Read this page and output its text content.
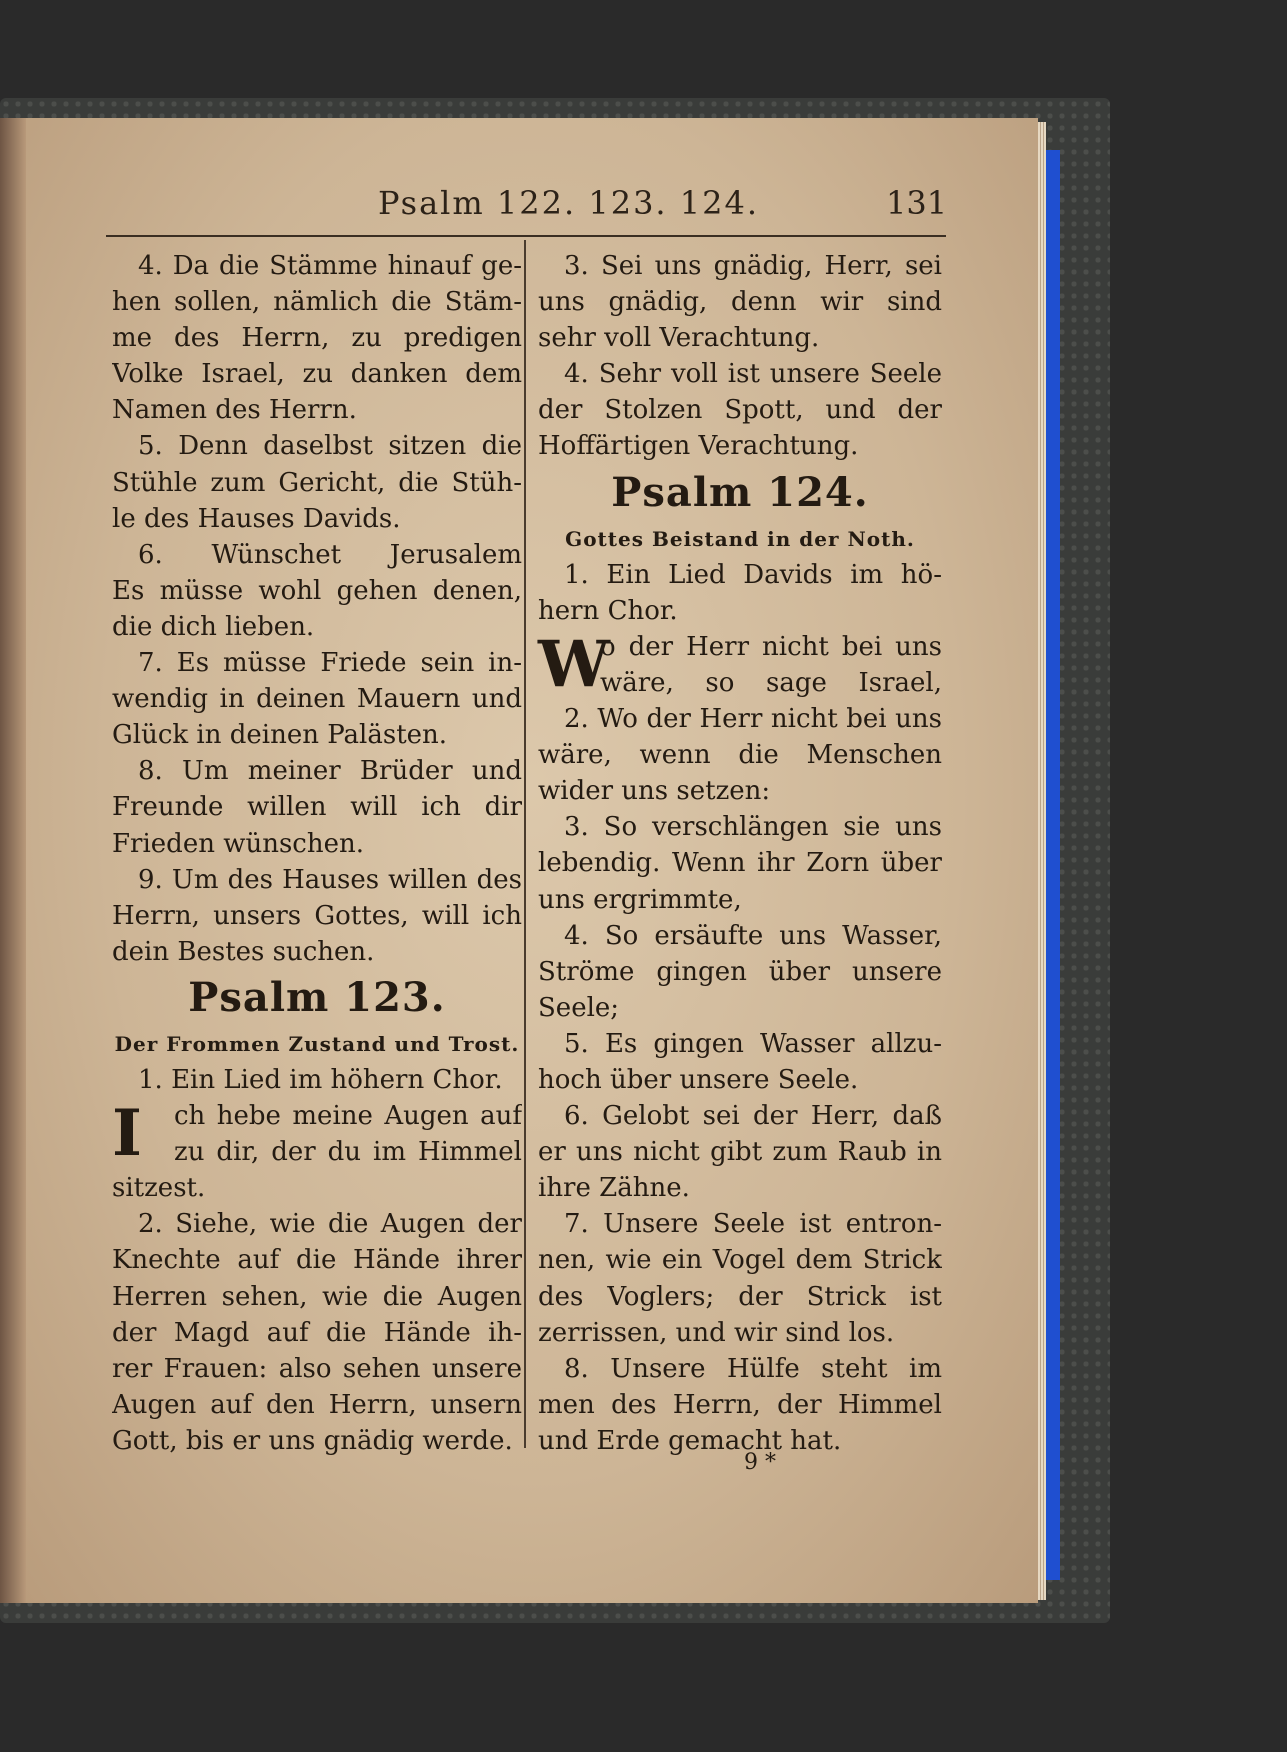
Psalm 122. 123. 124.	131
4. Da die Stämme hinauf ge-
hen sollen, nämlich die Stäm-
me des Herrn, zu predigen
Volke Israel, zu danken dem
Namen des Herrn.
5. Denn daselbst sitzen die
Stühle zum Gericht, die Stüh-
le des Hauses Davids.
6. Wünschet Jerusalem
Es müsse wohl gehen denen,
die dich lieben.
7. Es müsse Friede sein in-
wendig in deinen Mauern und
Glück in deinen Palästen.
8. Um meiner Brüder und
Freunde willen will ich dir
Frieden wünschen.
9. Um des Hauses willen des
Herrn, unsers Gottes, will ich
dein Bestes suchen.
Psalm 123.
Der Frommen Zustand und Trost.
1. Ein Lied im höhern Chor.
I	ch hebe meine Augen auf
zu dir, der du im Himmel
sitzest.
2. Siehe, wie die Augen der
Knechte auf die Hände ihrer
Herren sehen, wie die Augen
der Magd auf die Hände ih-
rer Frauen: also sehen unsere
Augen auf den Herrn, unsern
Gott, bis er uns gnädig werde.
3. Sei uns gnädig, Herr, sei
uns gnädig, denn wir sind
sehr voll Verachtung.
4. Sehr voll ist unsere Seele
der Stolzen Spott, und der
Hoffärtigen Verachtung.
Psalm 124.
Gottes Beistand in der Noth.
1. Ein Lied Davids im hö-
hern Chor.
W
o der Herr nicht bei uns
wäre, so sage Israel,
2. Wo der Herr nicht bei uns
wäre, wenn die Menschen
wider uns setzen:
3. So verschlängen sie uns
lebendig. Wenn ihr Zorn über
uns ergrimmte,
4. So ersäufte uns Wasser,
Ströme gingen über unsere
Seele;
5. Es gingen Wasser allzu-
hoch über unsere Seele.
6. Gelobt sei der Herr, daß
er uns nicht gibt zum Raub in
ihre Zähne.
7. Unsere Seele ist entron-
nen, wie ein Vogel dem Strick
des Voglers; der Strick ist
zerrissen, und wir sind los.
8. Unsere Hülfe steht im
men des Herrn, der Himmel
und Erde gemacht hat.
9 *
